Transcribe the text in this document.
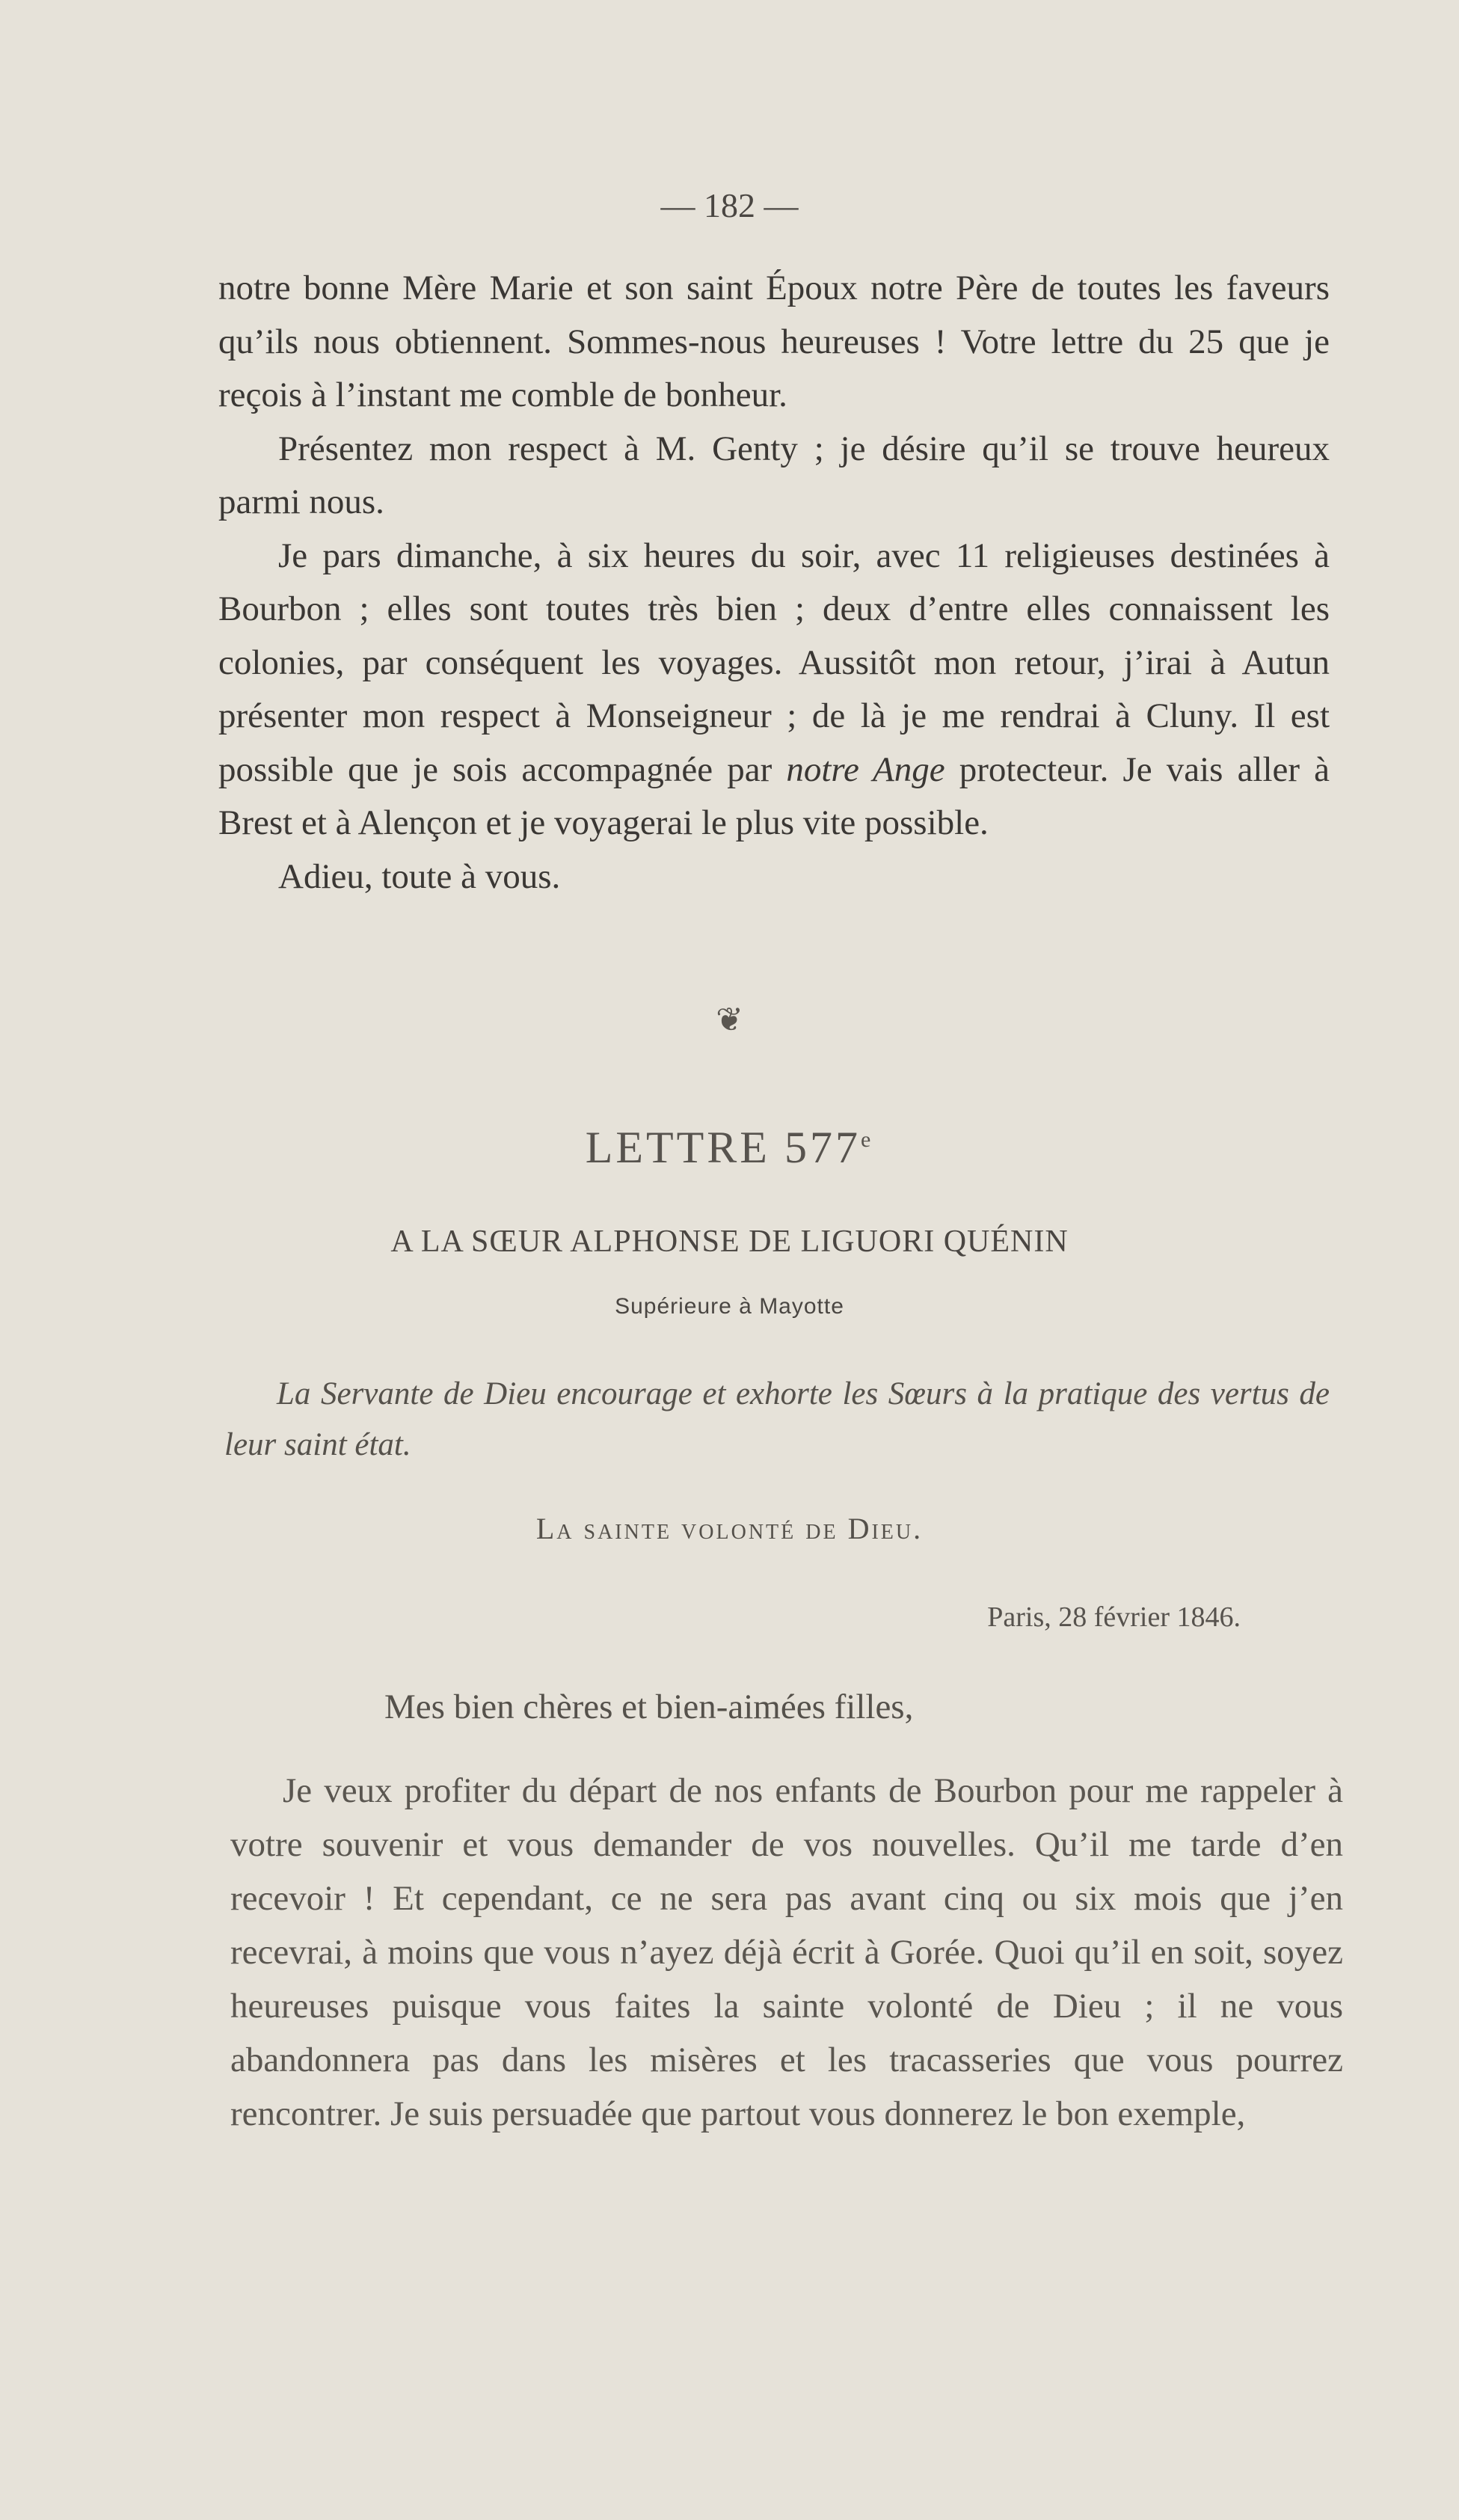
— 182 —

notre bonne Mère Marie et son saint Époux notre Père de toutes les faveurs qu’ils nous obtiennent. Sommes-nous heureuses ! Votre lettre du 25 que je reçois à l’instant me comble de bonheur.

Présentez mon respect à M. Genty ; je désire qu’il se trouve heureux parmi nous.

Je pars dimanche, à six heures du soir, avec 11 religieuses destinées à Bourbon ; elles sont toutes très bien ; deux d’entre elles connaissent les colonies, par conséquent les voyages. Aussitôt mon retour, j’irai à Autun présenter mon respect à Monseigneur ; de là je me rendrai à Cluny. Il est possible que je sois accompagnée par notre Ange protecteur. Je vais aller à Brest et à Alençon et je voyagerai le plus vite possible.

Adieu, toute à vous.

❦
LETTRE 577e
A LA SŒUR ALPHONSE DE LIGUORI QUÉNIN
Supérieure à Mayotte
La Servante de Dieu encourage et exhorte les Sœurs à la pratique des vertus de leur saint état.
La sainte volonté de Dieu.
Paris, 28 février 1846.
Mes bien chères et bien-aimées filles,

Je veux profiter du départ de nos enfants de Bourbon pour me rappeler à votre souvenir et vous demander de vos nouvelles. Qu’il me tarde d’en recevoir ! Et cependant, ce ne sera pas avant cinq ou six mois que j’en recevrai, à moins que vous n’ayez déjà écrit à Gorée. Quoi qu’il en soit, soyez heureuses puisque vous faites la sainte volonté de Dieu ; il ne vous abandonnera pas dans les misères et les tracasseries que vous pourrez rencontrer. Je suis persuadée que partout vous donnerez le bon exemple,
